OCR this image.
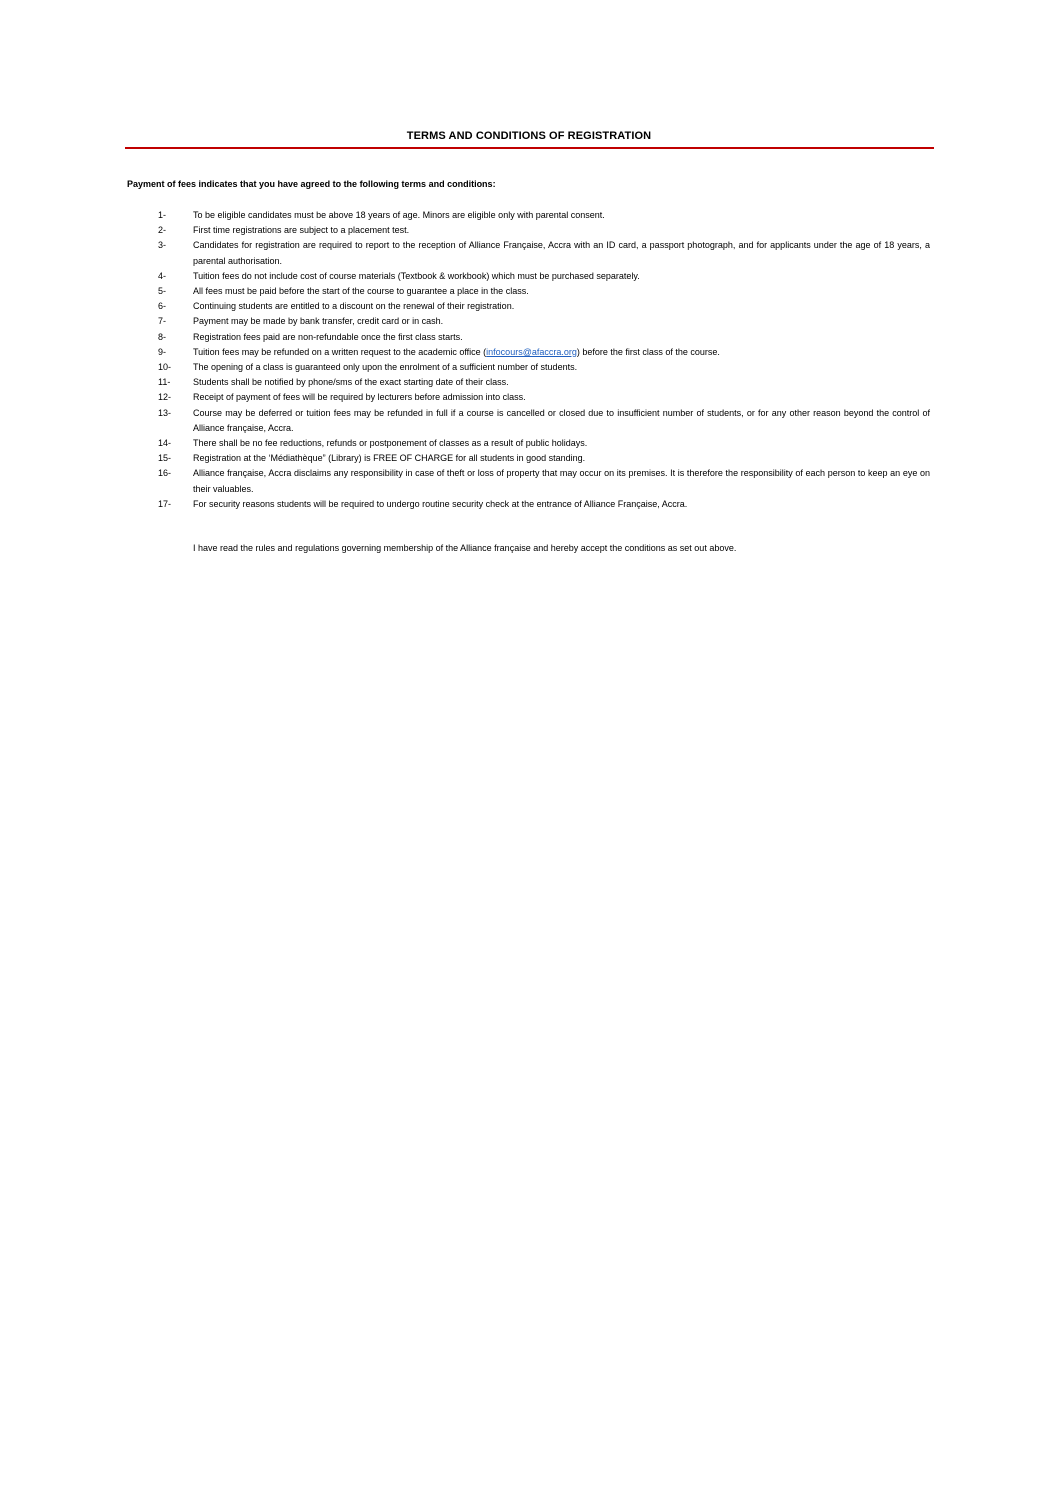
TERMS AND CONDITIONS OF REGISTRATION
Payment of fees indicates that you have agreed to the following terms and conditions:
1-	To be eligible candidates must be above 18 years of age. Minors are eligible only with parental consent.
2-	First time registrations are subject to a placement test.
3-	Candidates for registration are required to report to the reception of Alliance Française, Accra with an ID card, a passport photograph, and for applicants under the age of 18 years, a parental authorisation.
4-	Tuition fees do not include cost of course materials (Textbook & workbook) which must be purchased separately.
5-	All fees must be paid before the start of the course to guarantee a place in the class.
6-	Continuing students are entitled to a discount on the renewal of their registration.
7-	Payment may be made by bank transfer, credit card or in cash.
8-	Registration fees paid are non-refundable once the first class starts.
9-	Tuition fees may be refunded on a written request to the academic office (infocours@afaccra.org) before the first class of the course.
10-	The opening of a class is guaranteed only upon the enrolment of a sufficient number of students.
11-	Students shall be notified by phone/sms of the exact starting date of their class.
12-	Receipt of payment of fees will be required by lecturers before admission into class.
13-	Course may be deferred or tuition fees may be refunded in full if a course is cancelled or closed due to insufficient number of students, or for any other reason beyond the control of Alliance française, Accra.
14-	There shall be no fee reductions, refunds or postponement of classes as a result of public holidays.
15-	Registration at the ‘Médiathèque” (Library) is FREE OF CHARGE for all students in good standing.
16-	Alliance française, Accra disclaims any responsibility in case of theft or loss of property that may occur on its premises. It is therefore the responsibility of each person to keep an eye on their valuables.
17-	For security reasons students will be required to undergo routine security check at the entrance of Alliance Française, Accra.
I have read the rules and regulations governing membership of the Alliance française and hereby accept the conditions as set out above.
